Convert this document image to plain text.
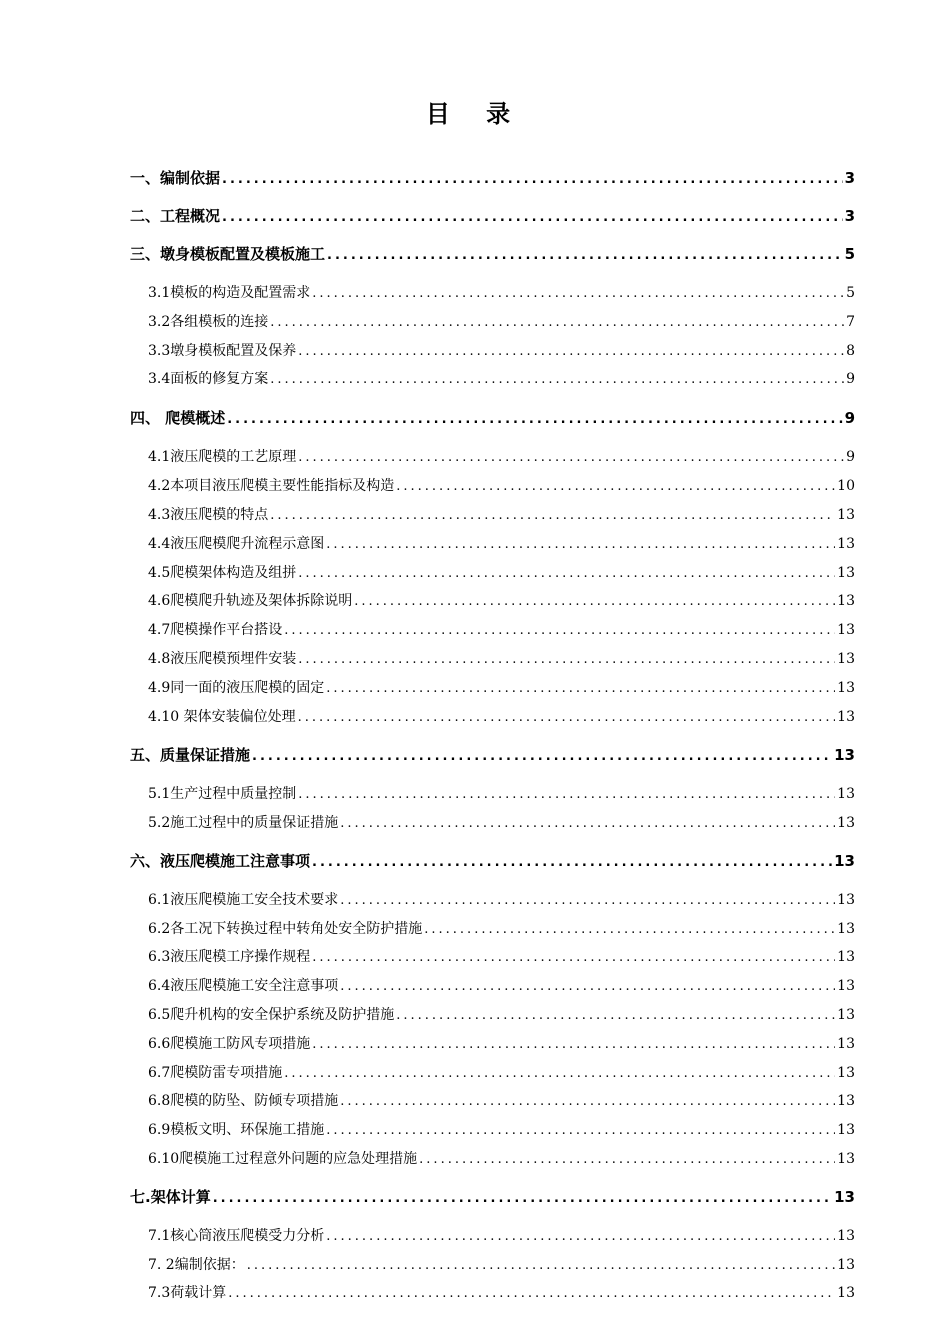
目 录
一、编制依据 .....	3
二、工程概况 .....	3
三、墩身模板配置及模板施工 .....	5
3.1模板的构造及配置需求 .....	5
3.2各组模板的连接 .....	7
3.3墩身模板配置及保养 .....	8
3.4面板的修复方案 .....	9
四、 爬模概述 .....	9
4.1液压爬模的工艺原理 .....	9
4.2本项目液压爬模主要性能指标及构造 .....	10
4.3液压爬模的特点 .....	13
4.4液压爬模爬升流程示意图 .....	13
4.5爬模架体构造及组拼 .....	13
4.6爬模爬升轨迹及架体拆除说明 .....	13
4.7爬模操作平台搭设 .....	13
4.8液压爬模预埋件安装 .....	13
4.9同一面的液压爬模的固定 .....	13
4.10 架体安装偏位处理 .....	13
五、质量保证措施 .....	13
5.1生产过程中质量控制 .....	13
5.2施工过程中的质量保证措施 .....	13
六、液压爬模施工注意事项 .....	13
6.1液压爬模施工安全技术要求 .....	13
6.2各工况下转换过程中转角处安全防护措施 .....	13
6.3液压爬模工序操作规程 .....	13
6.4液压爬模施工安全注意事项 .....	13
6.5爬升机构的安全保护系统及防护措施 .....	13
6.6爬模施工防风专项措施 .....	13
6.7爬模防雷专项措施 .....	13
6.8爬模的防坠、防倾专项措施 .....	13
6.9模板文明、环保施工措施 .....	13
6.10爬模施工过程意外问题的应急处理措施 .....	13
七.架体计算 .....	13
7.1核心筒液压爬模受力分析 .....	13
7. 2编制依据： .....	13
7.3荷载计算 .....	13
